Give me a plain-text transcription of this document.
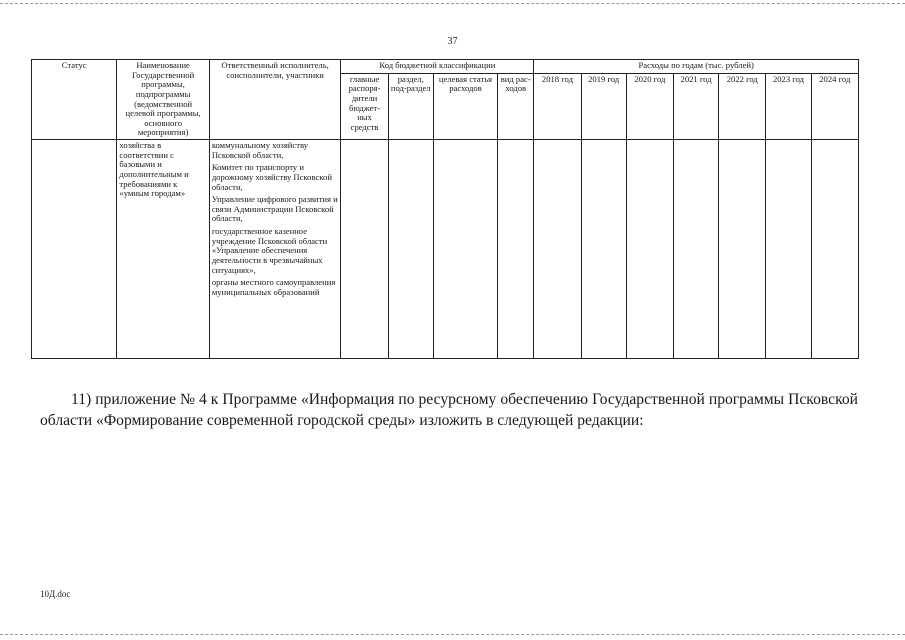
37
Статус	Наименование Государственной программы, подпрограммы (ведомственной целевой программы, основного мероприятия)	Ответственный исполнитель, соисполнители, участники	Код бюджетной классификации				Расходы по годам (тыс. рублей)						
			главные распоря-дители бюджет-ных средств	раздел, под-раздел	целевая статья расходов	вид рас-ходов	2018 год	2019 год	2020 год	2021 год	2022 год	2023 год	2024 год
	хозяйства в соответствии с базовыми и дополнительным и требованиями к «умным городам»	коммунальному хозяйству Псковской области,
Комитет по транспорту и дорожному хозяйству Псковской области,
Управление цифрового развития и связи Администрации Псковской области,
государственное казенное учреждение Псковской области «Управление обеспечения деятельности в чрезвычайных ситуациях»,
органы местного самоуправления муниципальных образований											

11) приложение № 4 к Программе «Информация по ресурсному обеспечению Государственной программы Псковской области «Формирование современной городской среды» изложить в следующей редакции:

10Д.doc
